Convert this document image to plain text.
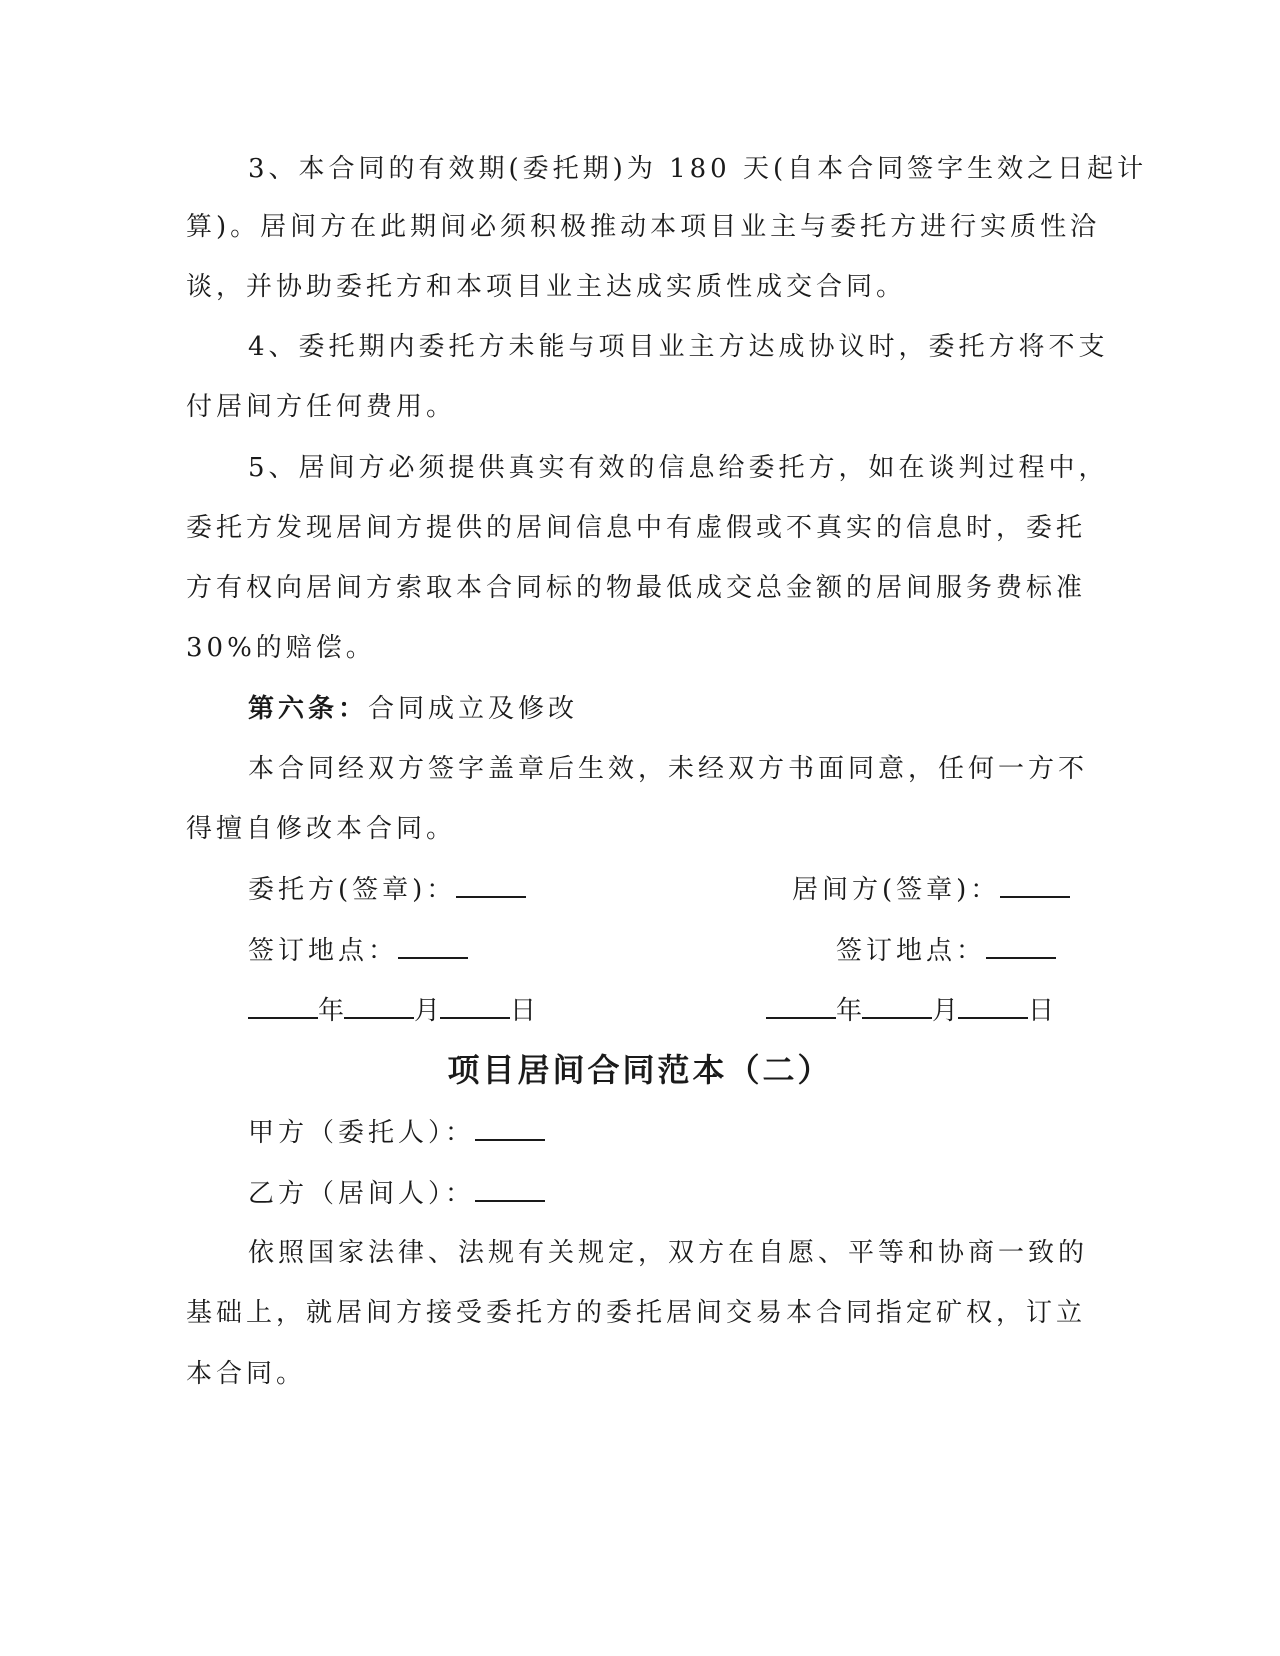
3、本合同的有效期(委托期)为 180 天(自本合同签字生效之日起计
算)。居间方在此期间必须积极推动本项目业主与委托方进行实质性洽
谈，并协助委托方和本项目业主达成实质性成交合同。
4、委托期内委托方未能与项目业主方达成协议时，委托方将不支
付居间方任何费用。
5、居间方必须提供真实有效的信息给委托方，如在谈判过程中，
委托方发现居间方提供的居间信息中有虚假或不真实的信息时，委托
方有权向居间方索取本合同标的物最低成交总金额的居间服务费标准
30%的赔偿。
第六条：合同成立及修改
本合同经双方签字盖章后生效，未经双方书面同意，任何一方不
得擅自修改本合同。
委托方(签章)：	居间方(签章)：
签订地点：	签订地点：
年	月	日	年	月	日
项目居间合同范本（二）
甲方（委托人）：
乙方（居间人）：
依照国家法律、法规有关规定，双方在自愿、平等和协商一致的
基础上，就居间方接受委托方的委托居间交易本合同指定矿权，订立
本合同。
